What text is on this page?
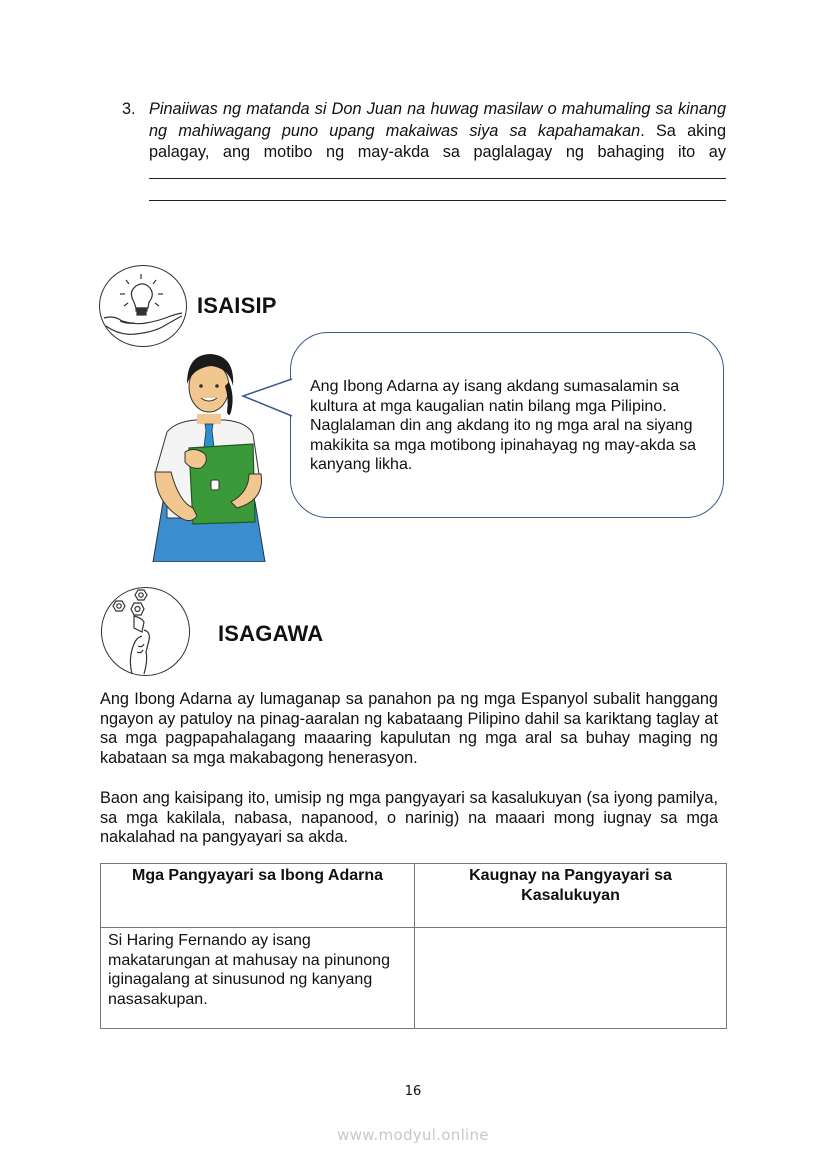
3. Pinaiiwas ng matanda si Don Juan na huwag masilaw o mahumaling sa kinang ng mahiwagang puno upang makaiwas siya sa kapahamakan. Sa aking palagay, ang motibo ng may-akda sa paglalagay ng bahaging ito ay
ISAISIP
Ang Ibong Adarna ay isang akdang sumasalamin sa kultura at mga kaugalian natin bilang mga Pilipino. Naglalaman din ang akdang ito ng mga aral na siyang makikita sa mga motibong ipinahayag ng may-akda sa kanyang likha.
ISAGAWA
Ang Ibong Adarna ay lumaganap sa panahon pa ng mga Espanyol subalit hanggang ngayon ay patuloy na pinag-aaralan ng kabataang Pilipino dahil sa kariktang taglay at sa mga pagpapahalagang maaaring kapulutan ng mga aral sa buhay maging ng kabataan sa mga makabagong henerasyon.
Baon ang kaisipang ito, umisip ng mga pangyayari sa kasalukuyan (sa iyong pamilya, sa mga kakilala, nabasa, napanood, o narinig) na maaari mong iugnay sa mga nakalahad na pangyayari sa akda.
Mga Pangyayari sa Ibong Adarna	Kaugnay na Pangyayari sa Kasalukuyan

Si Haring Fernando ay isang makatarungan at mahusay na pinunong iginagalang at sinusunod ng kanyang nasasakupan.	

16
www.modyul.online
